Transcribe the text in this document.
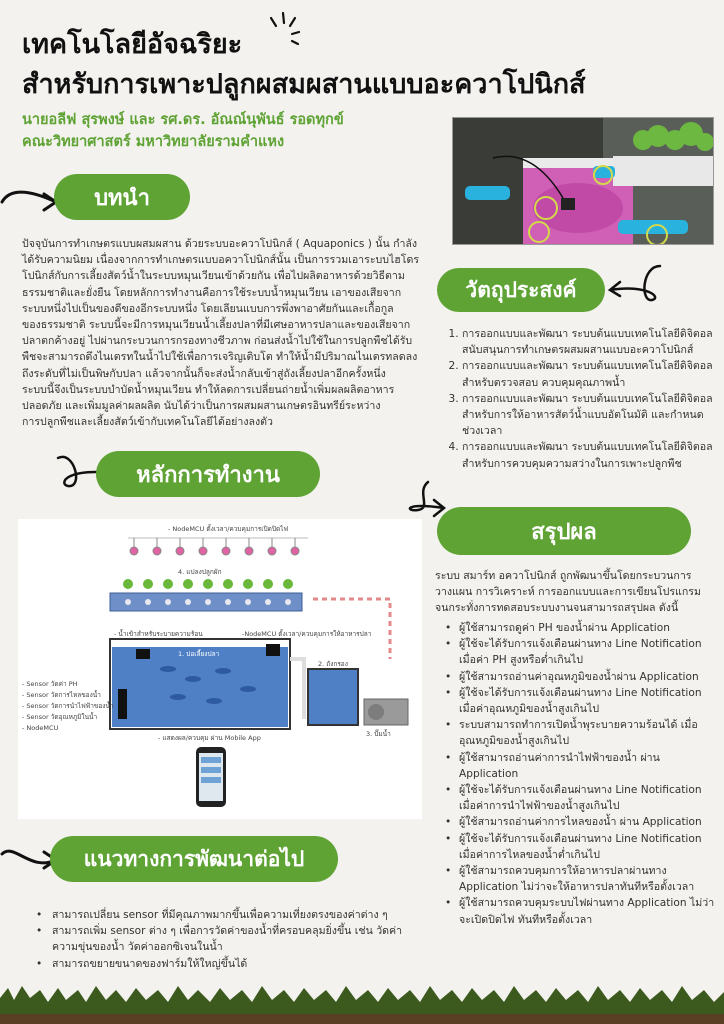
เทคโนโลยีอัจฉริยะ
สำหรับการเพาะปลูกผสมผสานแบบอะควาโปนิกส์
นายอลีฟ สุรพงษ์ และ รศ.ดร. อัณณ์นุพันธ์ รอดทุกข์
คณะวิทยาศาสตร์ มหาวิทยาลัยรามคำแหง
บทนำ
ปัจจุบันการทำเกษตรแบบผสมผสาน ด้วยระบบอะควาโปนิกส์ ( Aquaponics ) นั้น กำลัง
ได้รับความนิยม เนื่องจากการทำเกษตรแบบอควาโปนิกส์นั้น เป็นการรวมเอาระบบไฮโดร
โปนิกส์กับการเลี้ยงสัตว์น้ำในระบบหมุนเวียนเข้าด้วยกัน เพื่อไปผลิตอาหารด้วยวิธีตาม
ธรรมชาติและยั่งยืน โดยหลักการทำงานคือการใช้ระบบน้ำหมุนเวียน เอาของเสียจาก
ระบบหนึ่งไปเป็นของดีของอีกระบบหนึ่ง โดยเลียนแบบการพึ่งพาอาศัยกันและเกื้อกูล
ของธรรมชาติ ระบบนี้จะมีการหมุนเวียนน้ำเลี้ยงปลาที่มีเศษอาหารปลาและของเสียจาก
ปลาตกค้างอยู่ ไปผ่านกระบวนการกรองทางชีวภาพ ก่อนส่งน้ำไปใช้ในการปลูกพืชได้รับ
พืชจะสามารถดึงไนเตรทในน้ำไปใช้เพื่อการเจริญเติบโต ทำให้น้ำมีปริมาณไนเตรทลดลง
ถึงระดับที่ไม่เป็นพิษกับปลา แล้วจากนั้นก็จะส่งน้ำกลับเข้าสู่ถังเลี้ยงปลาอีกครั้งหนึ่ง
ระบบนี้จึงเป็นระบบบำบัดน้ำหมุนเวียน ทำให้ลดการเปลี่ยนถ่ายน้ำเพิ่มผลผลิตอาหาร
ปลอดภัย และเพิ่มมูลค่าผลผลิต นับได้ว่าเป็นการผสมผสานเกษตรอินทรีย์ระหว่าง
การปลูกพืชและเลี้ยงสัตว์เข้ากับเทคโนโลยีได้อย่างลงตัว
วัตถุประสงค์
1. การออกแบบและพัฒนา ระบบต้นแบบเทคโนโลยีดิจิตอล สนับสนุนการทำเกษตรผสมผสานแบบอะควาโปนิกส์
2. การออกแบบและพัฒนา ระบบต้นแบบเทคโนโลยีดิจิตอล สำหรับตรวจสอบ ควบคุมคุณภาพน้ำ
3. การออกแบบและพัฒนา ระบบต้นแบบเทคโนโลยีดิจิตอล สำหรับการให้อาหารสัตว์น้ำแบบอัตโนมัติ และกำหนดช่วงเวลา
4. การออกแบบและพัฒนา ระบบต้นแบบเทคโนโลยีดิจิตอล สำหรับการควบคุมความสว่างในการเพาะปลูกพืช
หลักการทำงาน
- NodeMCU ตั้งเวลา/ควบคุมการเปิดปิดไฟ
4. แปลงปลูกผัก
- น้ำเข้าสำหรับระบายความร้อน	-NodeMCU ตั้งเวลา/ควบคุมการให้อาหารปลา
1. บ่อเลี้ยงปลา
2. ถังกรอง
3. ปั๊มน้ำ
- Sensor วัดค่า PH
- Sensor วัดการไหลของน้ำ
- Sensor วัดการนำไฟฟ้าของน้ำ
- Sensor วัดอุณหภูมิในน้ำ
- NodeMCU
- แสดงผล/ควบคุม ผ่าน Mobile App
สรุปผล
ระบบ สมาร์ท อควาโปนิกส์ ถูกพัฒนาขึ้นโดยกระบวนการ
วางแผน การวิเคราะห์ การออกแบบและการเขียนโปรแกรม
จนกระทั่งการทดสอบระบบงานจนสามารถสรุปผล ดังนี้
• ผู้ใช้สามารถดูค่า PH ของน้ำผ่าน Application
• ผู้ใช้จะได้รับการแจ้งเตือนผ่านทาง Line Notification เมื่อค่า PH สูงหรือต่ำเกินไป
• ผู้ใช้สามารถอ่านค่าอุณหภูมิของน้ำผ่าน Application
• ผู้ใช้จะได้รับการแจ้งเตือนผ่านทาง Line Notification เมื่อค่าอุณหภูมิของน้ำสูงเกินไป
• ระบบสามารถทำการเปิดน้ำพุระบายความร้อนได้ เมื่ออุณหภูมิของน้ำสูงเกินไป
• ผู้ใช้สามารถอ่านค่าการนำไฟฟ้าของน้ำ ผ่าน Application
• ผู้ใช้จะได้รับการแจ้งเตือนผ่านทาง Line Notification เมื่อค่าการนำไฟฟ้าของน้ำสูงเกินไป
• ผู้ใช้สามารถอ่านค่าการไหลของน้ำ ผ่าน Application
• ผู้ใช้จะได้รับการแจ้งเตือนผ่านทาง Line Notification เมื่อค่าการไหลของน้ำต่ำเกินไป
• ผู้ใช้สามารถควบคุมการให้อาหารปลาผ่านทาง Application ไม่ว่าจะให้อาหารปลาทันทีหรือตั้งเวลา
• ผู้ใช้สามารถควบคุมระบบไฟผ่านทาง Application ไม่ว่าจะเปิดปิดไฟ ทันทีหรือตั้งเวลา
แนวทางการพัฒนาต่อไป
• สามารถเปลี่ยน sensor ที่มีคุณภาพมากขึ้นเพื่อความเที่ยงตรงของค่าต่าง ๆ
• สามารถเพิ่ม sensor ต่าง ๆ เพื่อการวัดค่าของน้ำที่ครอบคลุมยิ่งขึ้น เช่น วัดค่าความขุ่นของน้ำ วัดค่าออกซิเจนในน้ำ
• สามารถขยายขนาดของฟาร์มให้ใหญ่ขึ้นได้
